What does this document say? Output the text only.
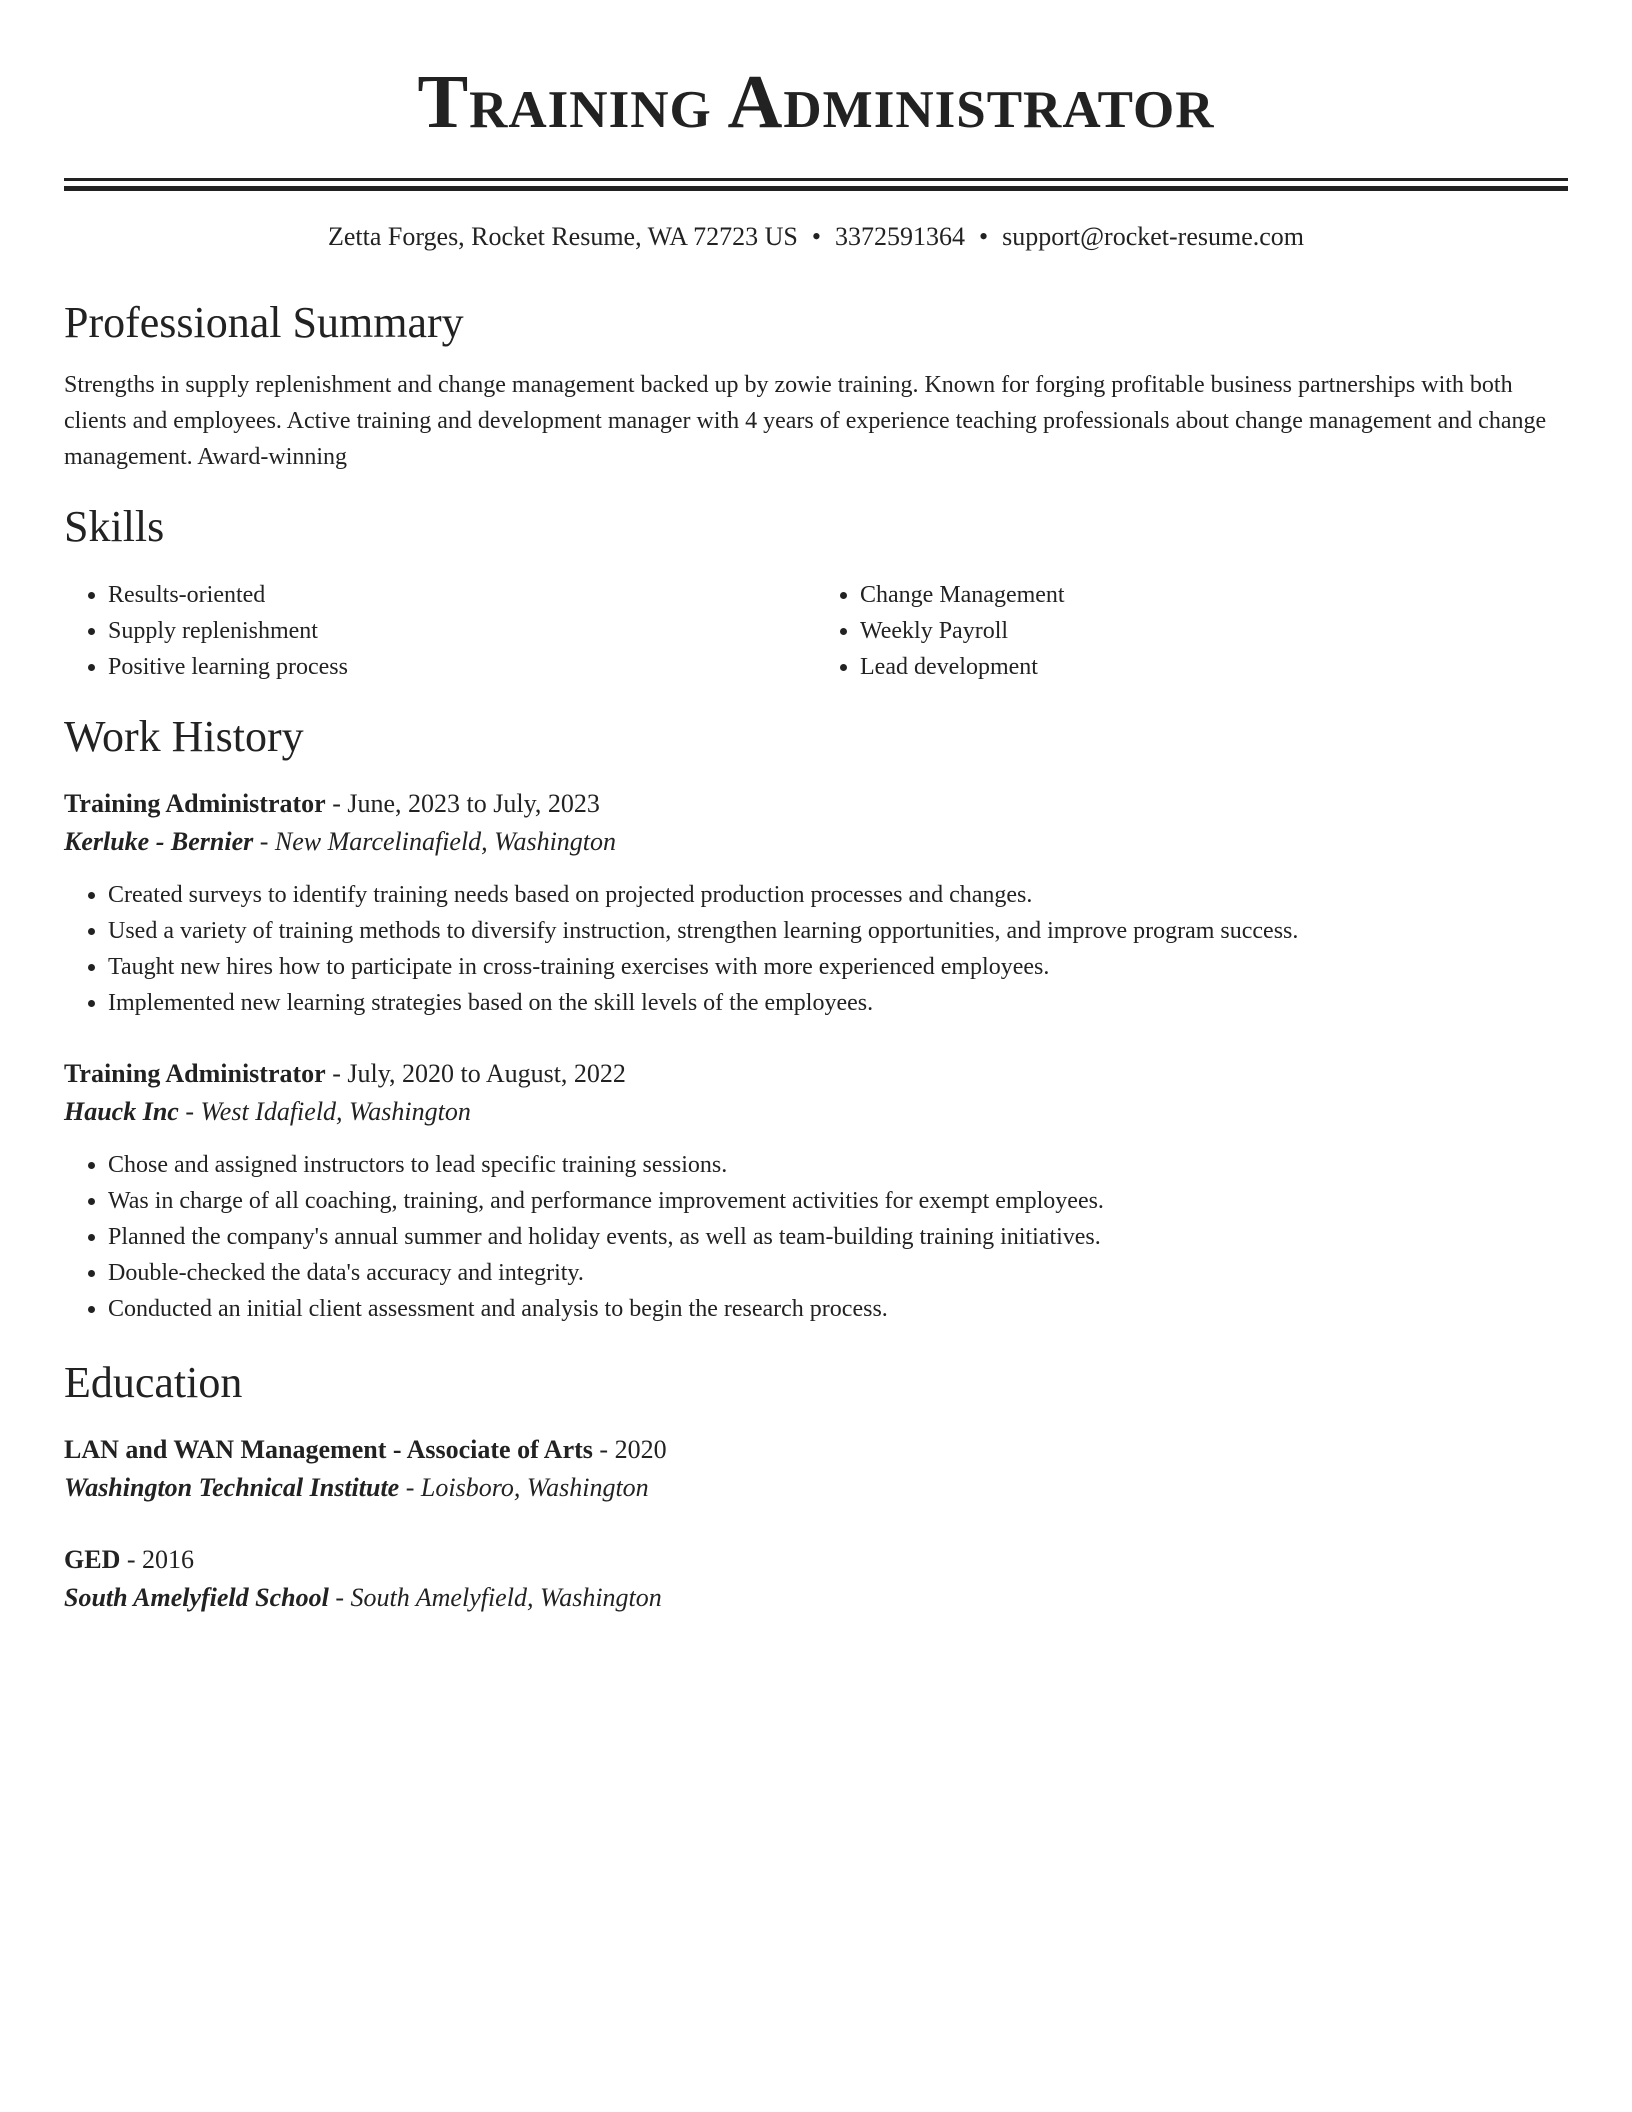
Training Administrator
Zetta Forges, Rocket Resume, WA 72723 US • 3372591364 • support@rocket-resume.com
Professional Summary
Strengths in supply replenishment and change management backed up by zowie training. Known for forging profitable business partnerships with both clients and employees. Active training and development manager with 4 years of experience teaching professionals about change management and change management. Award-winning
Skills
• Results-oriented
• Supply replenishment
• Positive learning process
• Change Management
• Weekly Payroll
• Lead development
Work History
Training Administrator - June, 2023 to July, 2023
Kerluke - Bernier - New Marcelinafield, Washington
• Created surveys to identify training needs based on projected production processes and changes.
• Used a variety of training methods to diversify instruction, strengthen learning opportunities, and improve program success.
• Taught new hires how to participate in cross-training exercises with more experienced employees.
• Implemented new learning strategies based on the skill levels of the employees.
Training Administrator - July, 2020 to August, 2022
Hauck Inc - West Idafield, Washington
• Chose and assigned instructors to lead specific training sessions.
• Was in charge of all coaching, training, and performance improvement activities for exempt employees.
• Planned the company's annual summer and holiday events, as well as team-building training initiatives.
• Double-checked the data's accuracy and integrity.
• Conducted an initial client assessment and analysis to begin the research process.
Education
LAN and WAN Management - Associate of Arts - 2020
Washington Technical Institute - Loisboro, Washington
GED - 2016
South Amelyfield School - South Amelyfield, Washington
